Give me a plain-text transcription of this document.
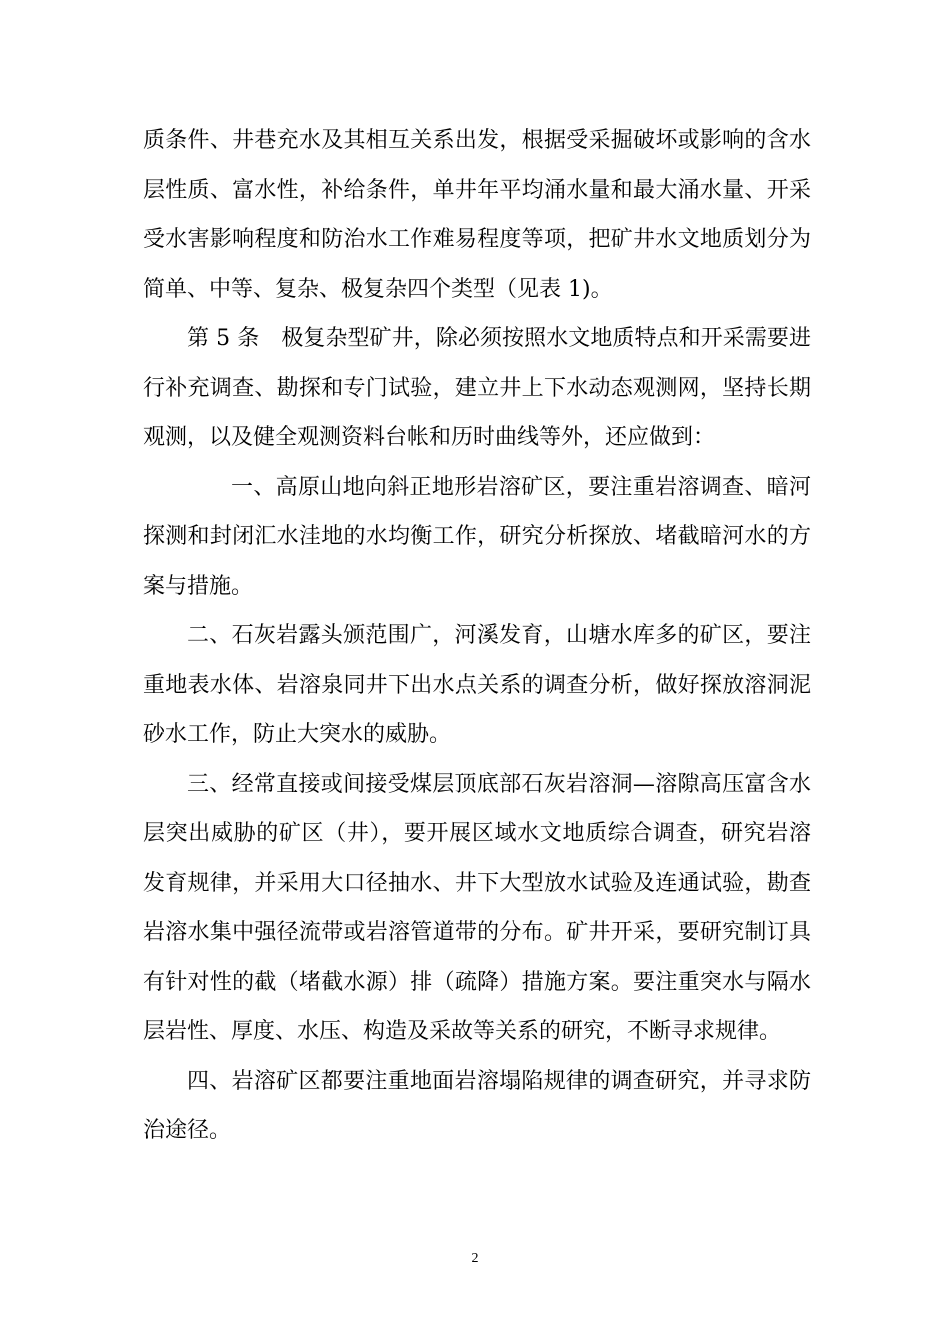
质条件、井巷充水及其相互关系出发，根据受采掘破坏或影响的含水层性质、富水性，补给条件，单井年平均涌水量和最大涌水量、开采受水害影响程度和防治水工作难易程度等项，把矿井水文地质划分为简单、中等、复杂、极复杂四个类型（见表 1)。

第 5 条　极复杂型矿井，除必须按照水文地质特点和开采需要进行补充调查、勘探和专门试验，建立井上下水动态观测网，坚持长期观测，以及健全观测资料台帐和历时曲线等外，还应做到：

一、高原山地向斜正地形岩溶矿区，要注重岩溶调查、暗河探测和封闭汇水洼地的水均衡工作，研究分析探放、堵截暗河水的方案与措施。

二、石灰岩露头颁范围广，河溪发育，山塘水库多的矿区，要注重地表水体、岩溶泉同井下出水点关系的调查分析，做好探放溶洞泥砂水工作，防止大突水的威胁。

三、经常直接或间接受煤层顶底部石灰岩溶洞—溶隙高压富含水层突出威胁的矿区（井），要开展区域水文地质综合调查，研究岩溶发育规律，并采用大口径抽水、井下大型放水试验及连通试验，勘查岩溶水集中强径流带或岩溶管道带的分布。矿井开采，要研究制订具有针对性的截（堵截水源）排（疏降）措施方案。要注重突水与隔水层岩性、厚度、水压、构造及采故等关系的研究，不断寻求规律。

四、岩溶矿区都要注重地面岩溶塌陷规律的调查研究，并寻求防治途径。

2
